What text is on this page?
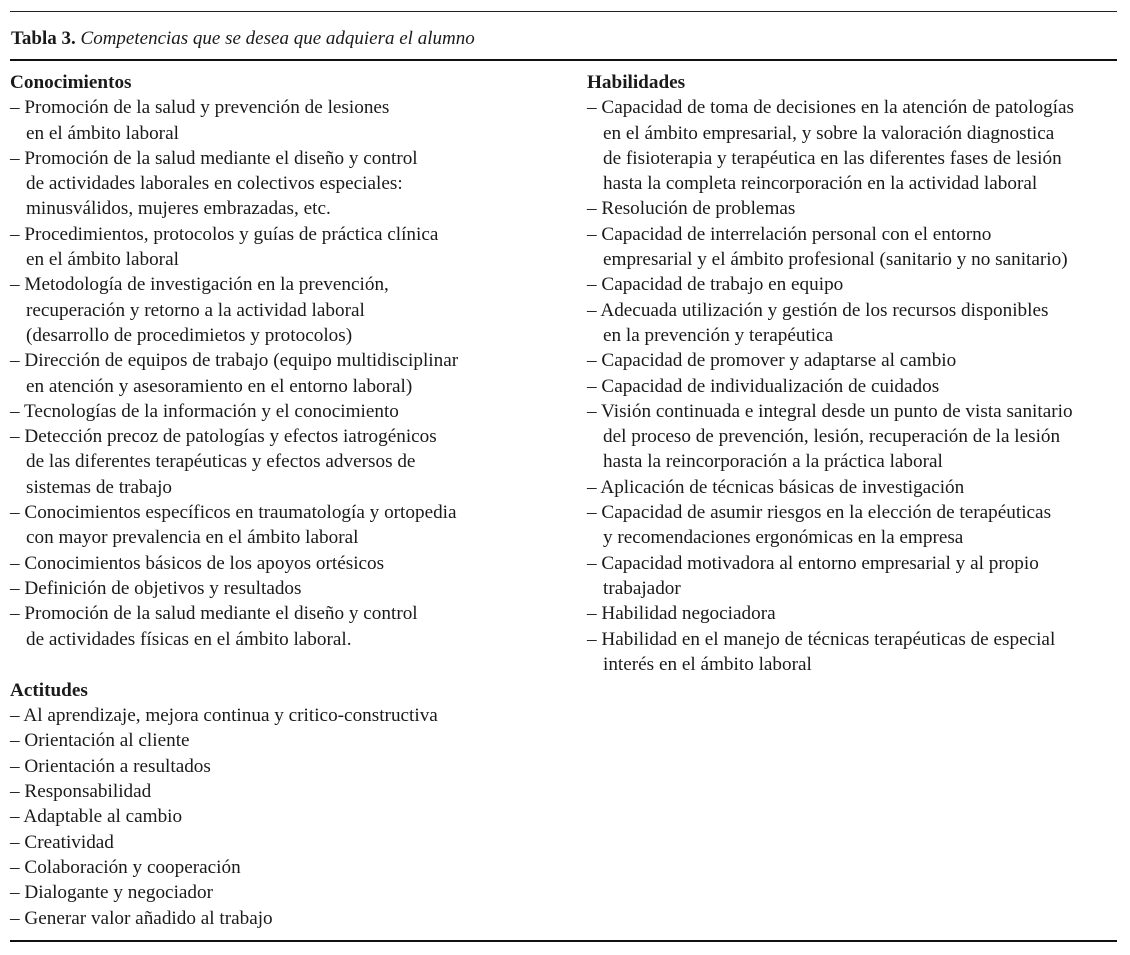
Tabla 3. Competencias que se desea que adquiera el alumno
Conocimientos
– Promoción de la salud y prevención de lesiones
en el ámbito laboral
– Promoción de la salud mediante el diseño y control
de actividades laborales en colectivos especiales:
minusválidos, mujeres embrazadas, etc.
– Procedimientos, protocolos y guías de práctica clínica
en el ámbito laboral
– Metodología de investigación en la prevención,
recuperación y retorno a la actividad laboral
(desarrollo de procedimietos y protocolos)
– Dirección de equipos de trabajo (equipo multidisciplinar
en atención y asesoramiento en el entorno laboral)
– Tecnologías de la información y el conocimiento
– Detección precoz de patologías y efectos iatrogénicos
de las diferentes terapéuticas y efectos adversos de
sistemas de trabajo
– Conocimientos específicos en traumatología y ortopedia
con mayor prevalencia en el ámbito laboral
– Conocimientos básicos de los apoyos ortésicos
– Definición de objetivos y resultados
– Promoción de la salud mediante el diseño y control
de actividades físicas en el ámbito laboral.
Actitudes
– Al aprendizaje, mejora continua y critico-constructiva
– Orientación al cliente
– Orientación a resultados
– Responsabilidad
– Adaptable al cambio
– Creatividad
– Colaboración y cooperación
– Dialogante y negociador
– Generar valor añadido al trabajo
Habilidades
– Capacidad de toma de decisiones en la atención de patologías
en el ámbito empresarial, y sobre la valoración diagnostica
de fisioterapia y terapéutica en las diferentes fases de lesión
hasta la completa reincorporación en la actividad laboral
– Resolución de problemas
– Capacidad de interrelación personal con el entorno
empresarial y el ámbito profesional (sanitario y no sanitario)
– Capacidad de trabajo en equipo
– Adecuada utilización y gestión de los recursos disponibles
en la prevención y terapéutica
– Capacidad de promover y adaptarse al cambio
– Capacidad de individualización de cuidados
– Visión continuada e integral desde un punto de vista sanitario
del proceso de prevención, lesión, recuperación de la lesión
hasta la reincorporación a la práctica laboral
– Aplicación de técnicas básicas de investigación
– Capacidad de asumir riesgos en la elección de terapéuticas
y recomendaciones ergonómicas en la empresa
– Capacidad motivadora al entorno empresarial y al propio
trabajador
– Habilidad negociadora
– Habilidad en el manejo de técnicas terapéuticas de especial
interés en el ámbito laboral
